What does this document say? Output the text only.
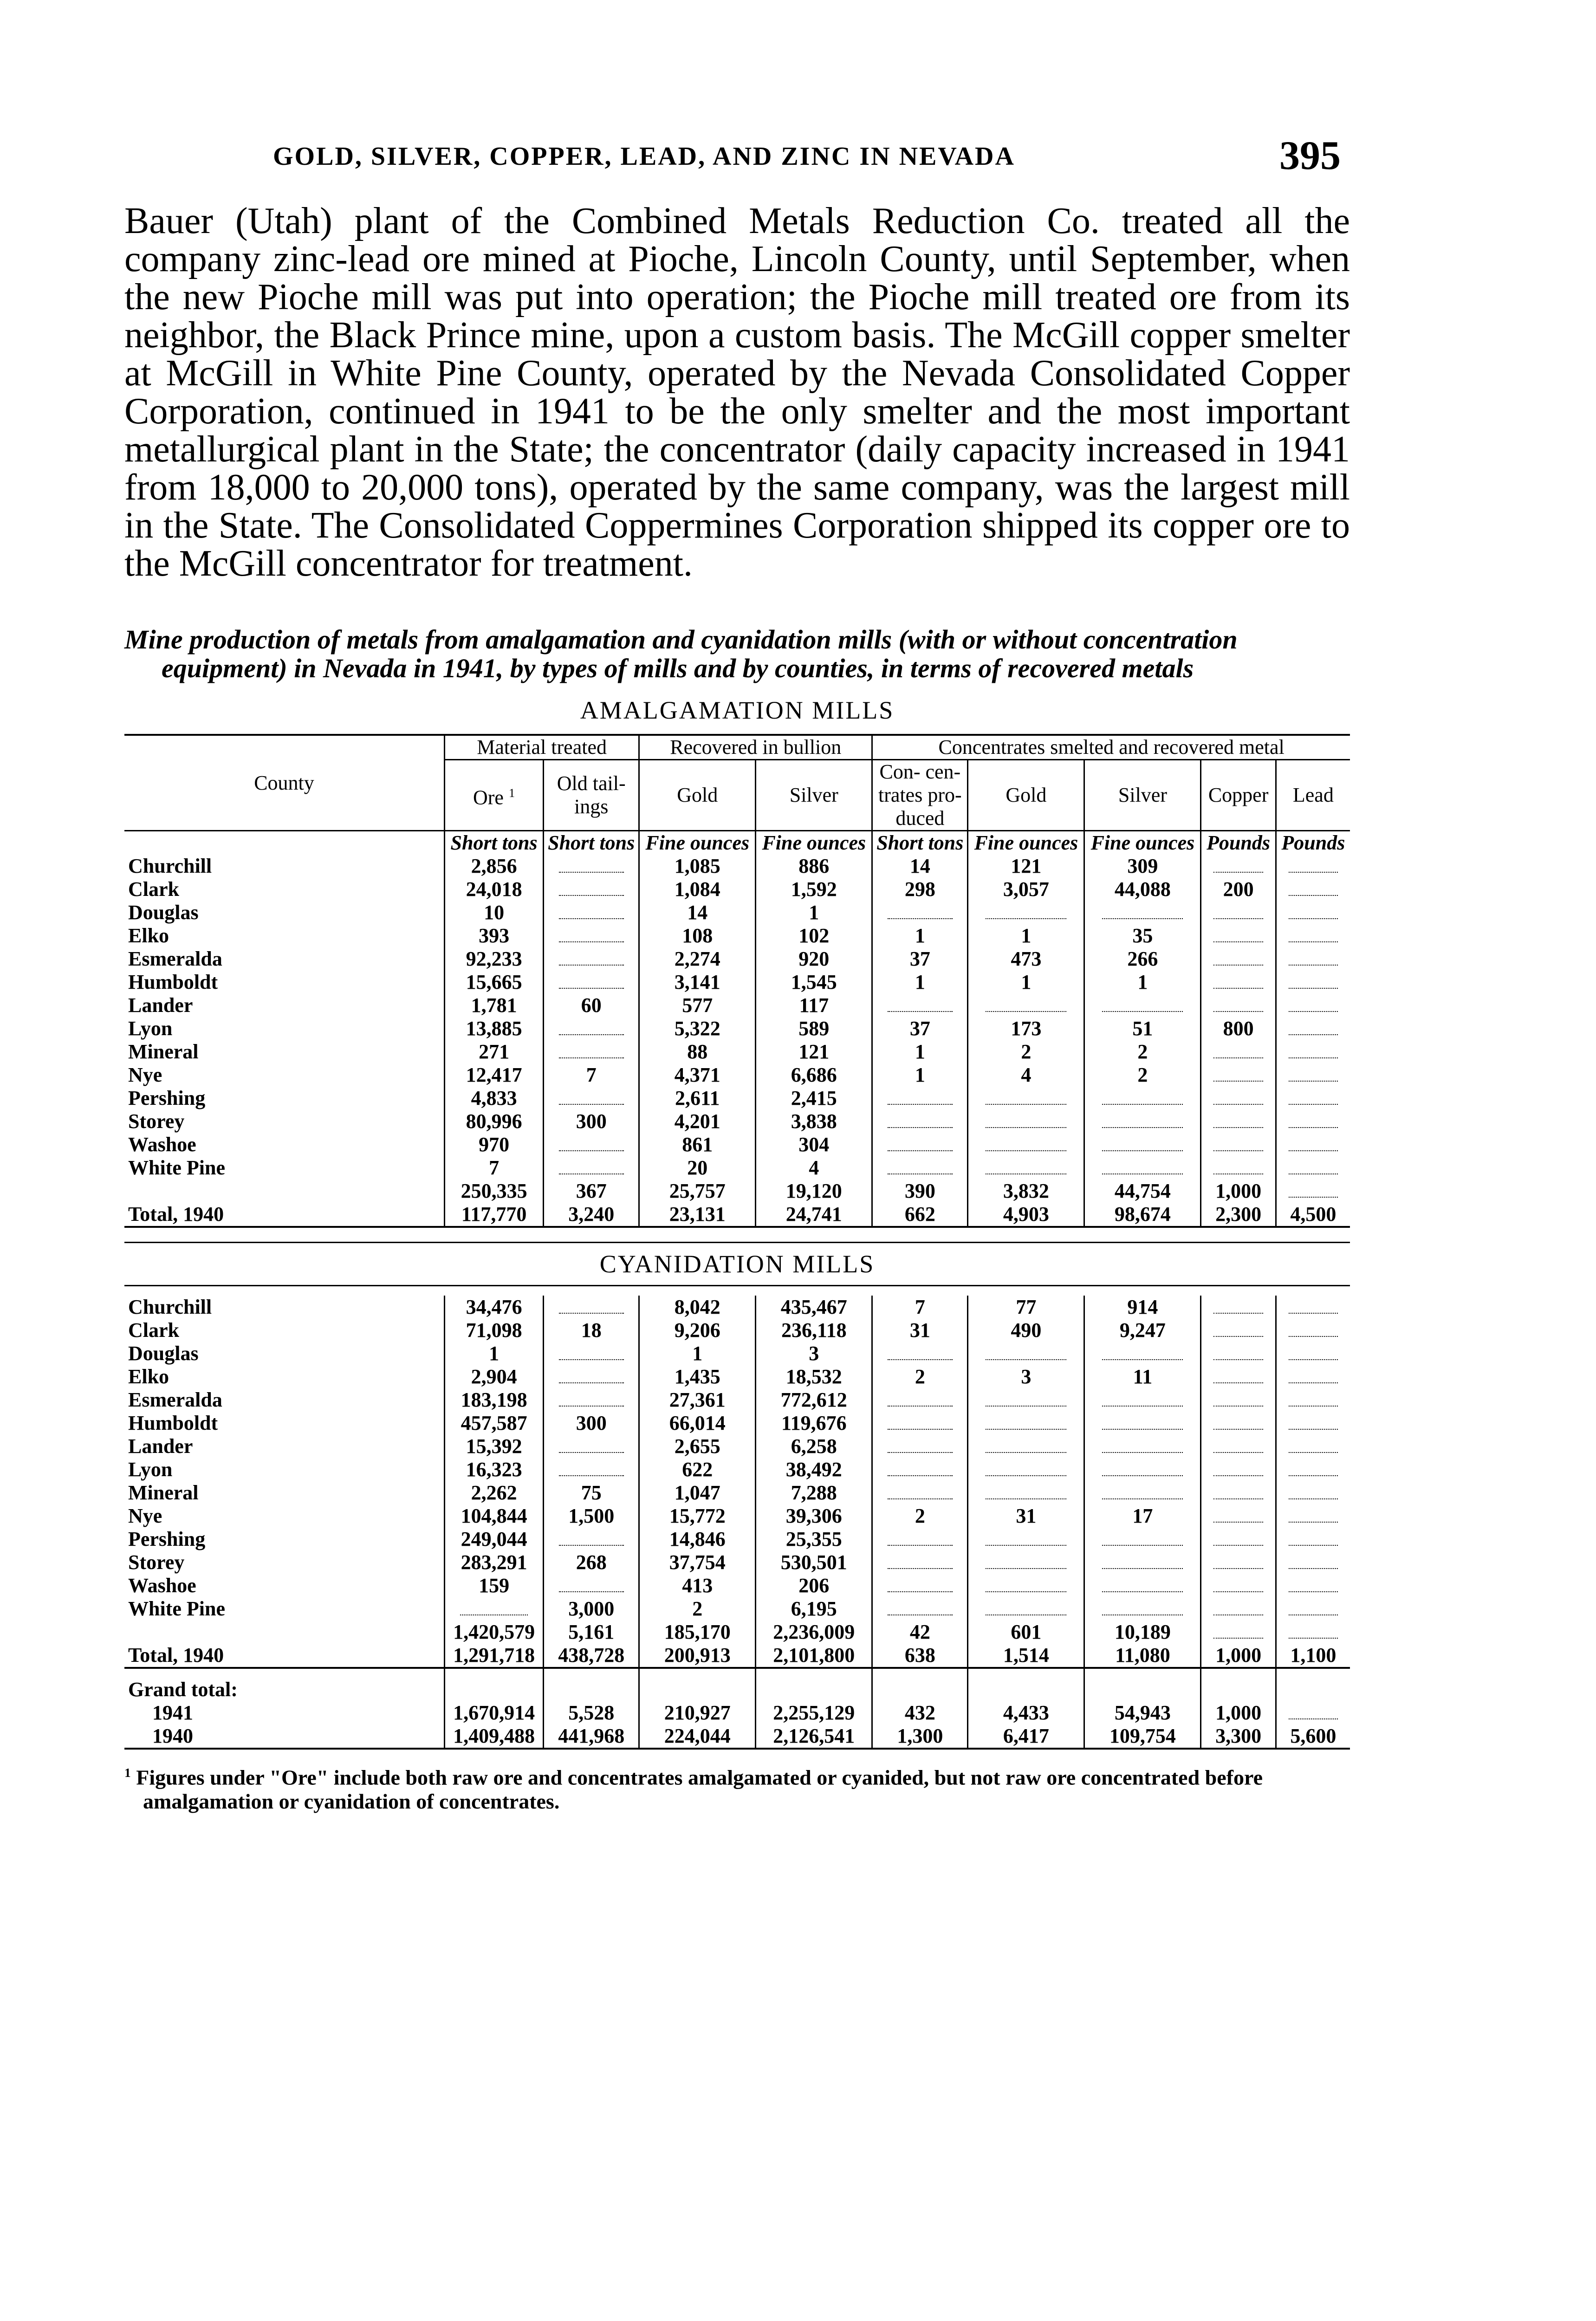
GOLD, SILVER, COPPER, LEAD, AND ZINC IN NEVADA	395

Bauer (Utah) plant of the Combined Metals Reduction Co. treated all the company zinc-lead ore mined at Pioche, Lincoln County, until September, when the new Pioche mill was put into operation; the Pioche mill treated ore from its neighbor, the Black Prince mine, upon a custom basis. The McGill copper smelter at McGill in White Pine County, operated by the Nevada Consolidated Copper Corporation, continued in 1941 to be the only smelter and the most important metallurgical plant in the State; the concentrator (daily capacity increased in 1941 from 18,000 to 20,000 tons), operated by the same company, was the largest mill in the State. The Consolidated Coppermines Corporation shipped its copper ore to the McGill concentrator for treatment.

Mine production of metals from amalgamation and cyanidation mills (with or without concentration equipment) in Nevada in 1941, by types of mills and by counties, in terms of recovered metals

AMALGAMATION MILLS
County	Material treated		Recovered in bullion		Concentrates smelted and recovered metal				
	Ore $^1$	Old tail- ings	Gold	Silver	Con- cen- trates pro- duced	Gold	Silver	Copper	Lead
	Short tons	Short tons	Fine ounces	Fine ounces	Short tons	Fine ounces	Fine ounces	Pounds	Pounds
Churchill	2,856		1,085	886	14	121	309		
Clark	24,018		1,084	1,592	298	3,057	44,088	200	
Douglas	10		14	1					
Elko	393		108	102	1	1	35		
Esmeralda	92,233		2,274	920	37	473	266		
Humboldt	15,665		3,141	1,545	1	1	1		
Lander	1,781	60	577	117					
Lyon	13,885		5,322	589	37	173	51	800	
Mineral	271		88	121	1	2	2		
Nye	12,417	7	4,371	6,686	1	4	2		
Pershing	4,833		2,611	2,415					
Storey	80,996	300	4,201	3,838					
Washoe	970		861	304					
White Pine	7		20	4					
	250,335	367	25,757	19,120	390	3,832	44,754	1,000	
Total, 1940	117,770	3,240	23,131	24,741	662	4,903	98,674	2,300	4,500

CYANIDATION MILLS									

Churchill	34,476		8,042	435,467	7	77	914		
Clark	71,098	18	9,206	236,118	31	490	9,247		
Douglas	1		1	3					
Elko	2,904		1,435	18,532	2	3	11		
Esmeralda	183,198		27,361	772,612					
Humboldt	457,587	300	66,014	119,676					
Lander	15,392		2,655	6,258					
Lyon	16,323		622	38,492					
Mineral	2,262	75	1,047	7,288					
Nye	104,844	1,500	15,772	39,306	2	31	17		
Pershing	249,044		14,846	25,355					
Storey	283,291	268	37,754	530,501					
Washoe	159		413	206					
White Pine		3,000	2	6,195					
	1,420,579	5,161	185,170	2,236,009	42	601	10,189		
Total, 1940	1,291,718	438,728	200,913	2,101,800	638	1,514	11,080	1,000	1,100
Grand total:									
1941	1,670,914	5,528	210,927	2,255,129	432	4,433	54,943	1,000	
1940	1,409,488	441,968	224,044	2,126,541	1,300	6,417	109,754	3,300	5,600

$^1$ Figures under "Ore" include both raw ore and concentrates amalgamated or cyanided, but not raw ore concentrated before amalgamation or cyanidation of concentrates.
